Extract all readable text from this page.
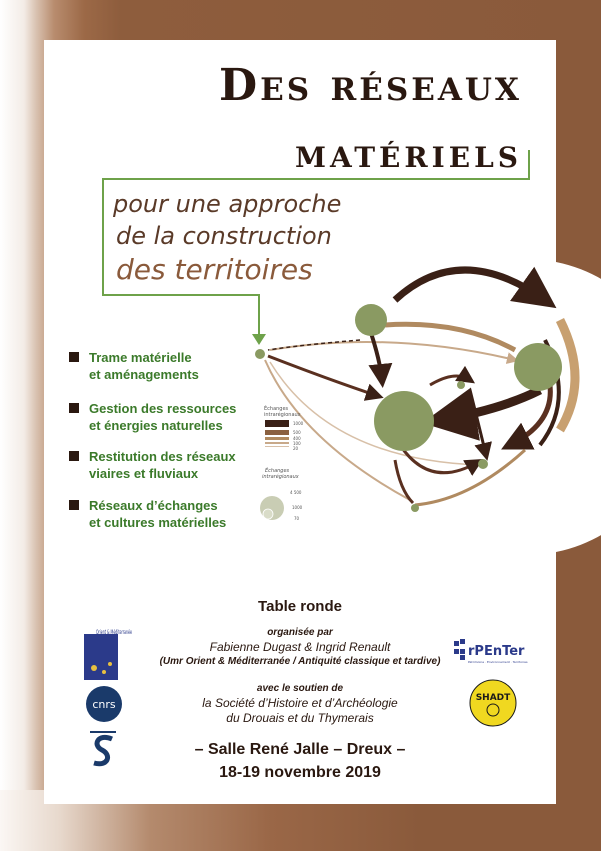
Des réseaux
matériels
pour une approche
de la construction
des territoires
Trame matérielle
et aménagements
Gestion des ressources
et énergies naturelles
Restitution des réseaux
viaires et fluviaux
Réseaux d’échanges
et cultures matérielles
Échanges
intrarégionaux
1000
500
400
100
20
Échanges
intrarégionaux
4 500
1000
70
Table ronde
organisée par
Fabienne Dugast & Ingrid Renault
(Umr Orient & Méditerranée / Antiquité classique et tardive)
avec le soutien de
la Société d’Histoire et d’Archéologie
du Drouais et du Thymerais
– Salle René Jalle – Dreux –
18-19 novembre 2019
Orient & Méditerranée
cnrs
rPEnTer
Patrimoine · Environnement · Territoires
SHADT
